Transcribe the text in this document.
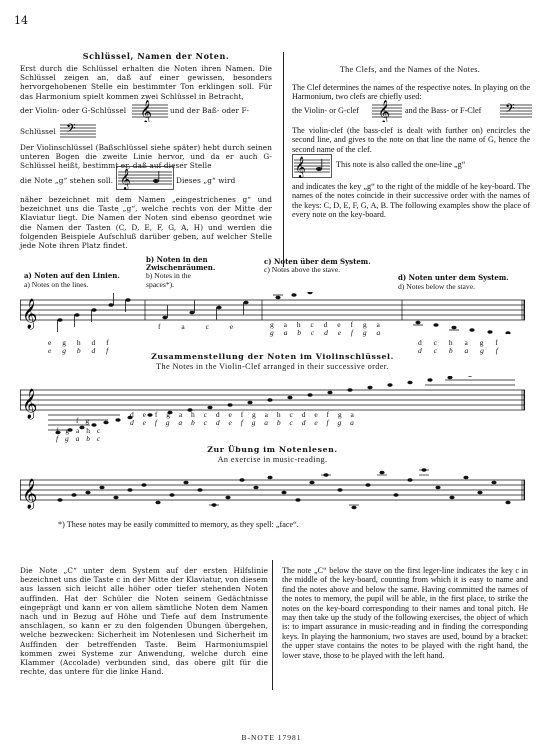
14
Schlüssel, Namen der Noten.
Erst durch die Schlüssel erhalten die Noten ihren Namen. Die Schlüssel zeigen an, daß auf einer gewissen, besonders hervorgehobenen Stelle ein bestimmter Ton erklingen soll. Für das Harmonium spielt kommen zwei Schlüssel in Betracht,
der Violin- oder G-Schlüssel 𝄞 und der Baß- oder F-
Schlüssel 𝄢
Der Violinschlüssel (Baßschlüssel siehe später) hebt durch seinen unteren Bogen die zweite Linie hervor, und da er auch G-Schlüssel heißt, bestimmt er, daß auf dieser Stelle
die Note „g“ stehen soll. 𝄞	Dieses „g“ wird
näher bezeichnet mit dem Namen „eingestrichenes g“ und bezeichnet uns die Taste „g“, welche rechts von der Mitte der Klaviatur liegt. Die Namen der Noten sind ebenso geordnet wie die Namen der Tasten (C, D, E, F, G, A, H) und werden die folgenden Beispiele Aufschluß darüber geben, auf welcher Stelle jede Note ihren Platz findet.
The Clefs, and the Names of the Notes.
The Clef determines the names of the respective notes. In playing on the Harmonium, two clefs are chiefly used:
the Violin- or G-clef 𝄞 and the Bass- or F-Clef	𝄢
The violin-clef (the bass-clef is dealt with further on) encircles the second line, and gives to the note on that line the name of G, hence the second name of the clef.
𝄞	This note is also called the one-line „g“
and indicates the key „g“ to the right of the middle of he key-board. The names of the notes coincide in their successive order with the names of the keys: C, D, E, F, G, A, B. The following examples show the place of every note on the key-board.
a) Noten auf den Linien.
a) Notes on the lines.
b) Noten in den
Zwischenräumen.
b) Notes in the
spaces*).
c) Noten über dem System.
c) Notes above the stave.
d) Noten unter dem System.
d) Notes below the stave.
𝄞
e g h d f
e g b d f
f a c e	g a h c d e f g a
g a b c d e f g a
d c h a g f
d c b a g f
Zusammenstellung der Noten im Violinschlüssel.
The Notes in the Violin-Clef arranged in their successive order.
𝄞	d e f g a h c d e f g a h c d e f g a
d e f g a b c d e f g a b c d e f g a
f g
f g a h c
f g a b c
Zur Übung im Notenlesen.
An exercise in music-reading.
𝄞
*) These notes may be easily committed to memory, as they spell: „face“.
Die Note „C“ unter dem System auf der ersten Hilfslinie bezeichnet uns die Taste c in der Mitte der Klaviatur, von diesem aus lassen sich leicht alle höher oder tiefer stehenden Noten auffinden. Hat der Schüler die Noten seinem Gedächtnisse eingeprägt und kann er von allem sämtliche Noten dem Namen nach und in Bezug auf Höhe und Tiefe auf dem Instrumente anschlagen, so kann er zu den folgenden Übungen übergehen, welche bezwecken: Sicherheit im Notenlesen und Sicherheit im Auffinden der betreffenden Taste. Beim Harmoniumspiel kommen zwei Systeme zur Anwendung, welche durch eine Klammer (Accolade) verbunden sind, das obere gilt für die rechte, das untere für die linke Hand.
The note „C“ below the stave on the first leger-line indicates the key c in the middle of the key-board, counting from which it is easy to name and find the notes above and below the same. Having committed the names of the notes to memory, the pupil will be able, in the first place, to strike the notes on the key-board corresponding to their names and tonal pitch. He may then take up the study of the following exercises, the object of which is: to impart assurance in music-reading and in finding the corresponding keys. In playing the harmonium, two staves are used, bound by a bracket: the upper stave contains the notes to be played with the right hand, the lower stave, those to be played with the left hand.
B-NOTE 17981
